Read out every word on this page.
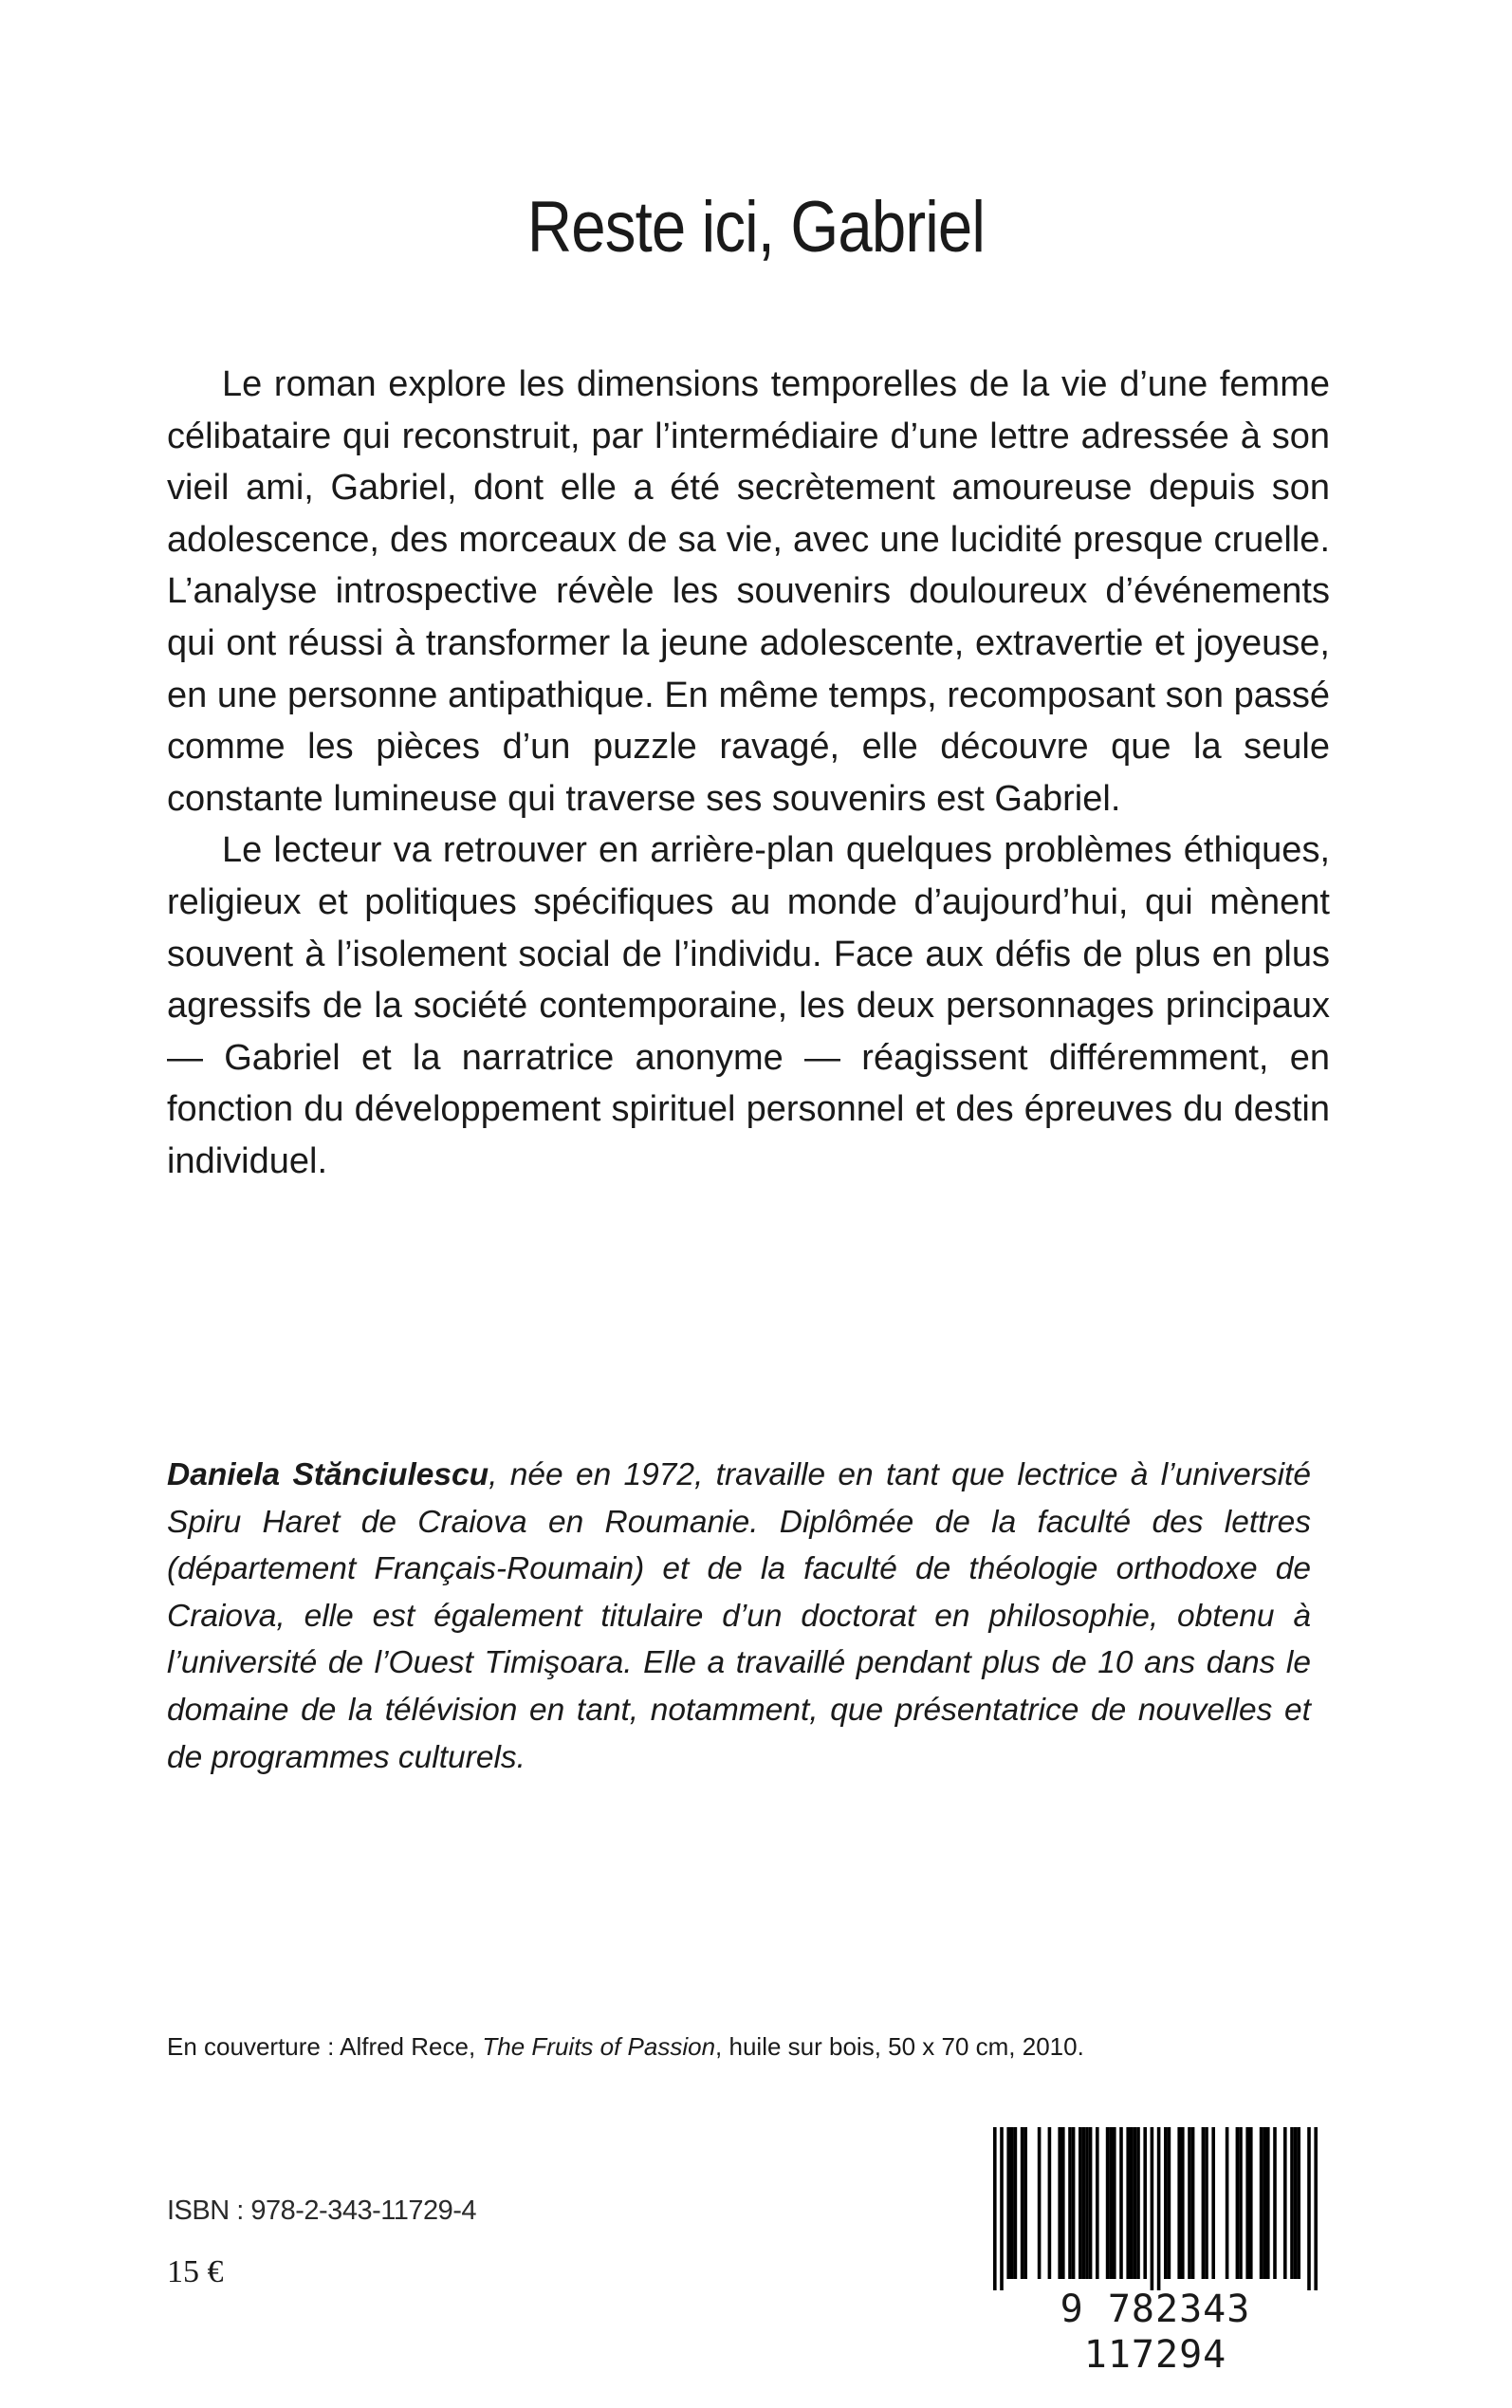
Reste ici, Gabriel

Le roman explore les dimensions temporelles de la vie d’une femme célibataire qui reconstruit, par l’intermédiaire d’une lettre adressée à son vieil ami, Gabriel, dont elle a été secrètement amoureuse depuis son adolescence, des morceaux de sa vie, avec une lucidité presque cruelle. L’analyse introspective révèle les souvenirs douloureux d’événements qui ont réussi à transformer la jeune adolescente, extravertie et joyeuse, en une personne antipathique. En même temps, recomposant son passé comme les pièces d’un puzzle ravagé, elle découvre que la seule constante lumineuse qui traverse ses souvenirs est Gabriel.

Le lecteur va retrouver en arrière-plan quelques problèmes éthiques, religieux et politiques spécifiques au monde d’aujourd’hui, qui mènent souvent à l’isolement social de l’individu. Face aux défis de plus en plus agressifs de la société contemporaine, les deux personnages principaux — Gabriel et la narratrice anonyme — réagissent différemment, en fonction du développement spirituel personnel et des épreuves du destin individuel.

Daniela Stănciulescu, née en 1972, travaille en tant que lectrice à l’université Spiru Haret de Craiova en Roumanie. Diplômée de la faculté des lettres (département Français-Roumain) et de la faculté de théologie orthodoxe de Craiova, elle est également titulaire d’un doctorat en philosophie, obtenu à l’université de l’Ouest Timişoara. Elle a travaillé pendant plus de 10 ans dans le domaine de la télévision en tant, notamment, que présentatrice de nouvelles et de programmes culturels.
En couverture : Alfred Rece, The Fruits of Passion, huile sur bois, 50 x 70 cm, 2010.
ISBN : 978-2-343-11729-4
15 €
9 782343 117294
